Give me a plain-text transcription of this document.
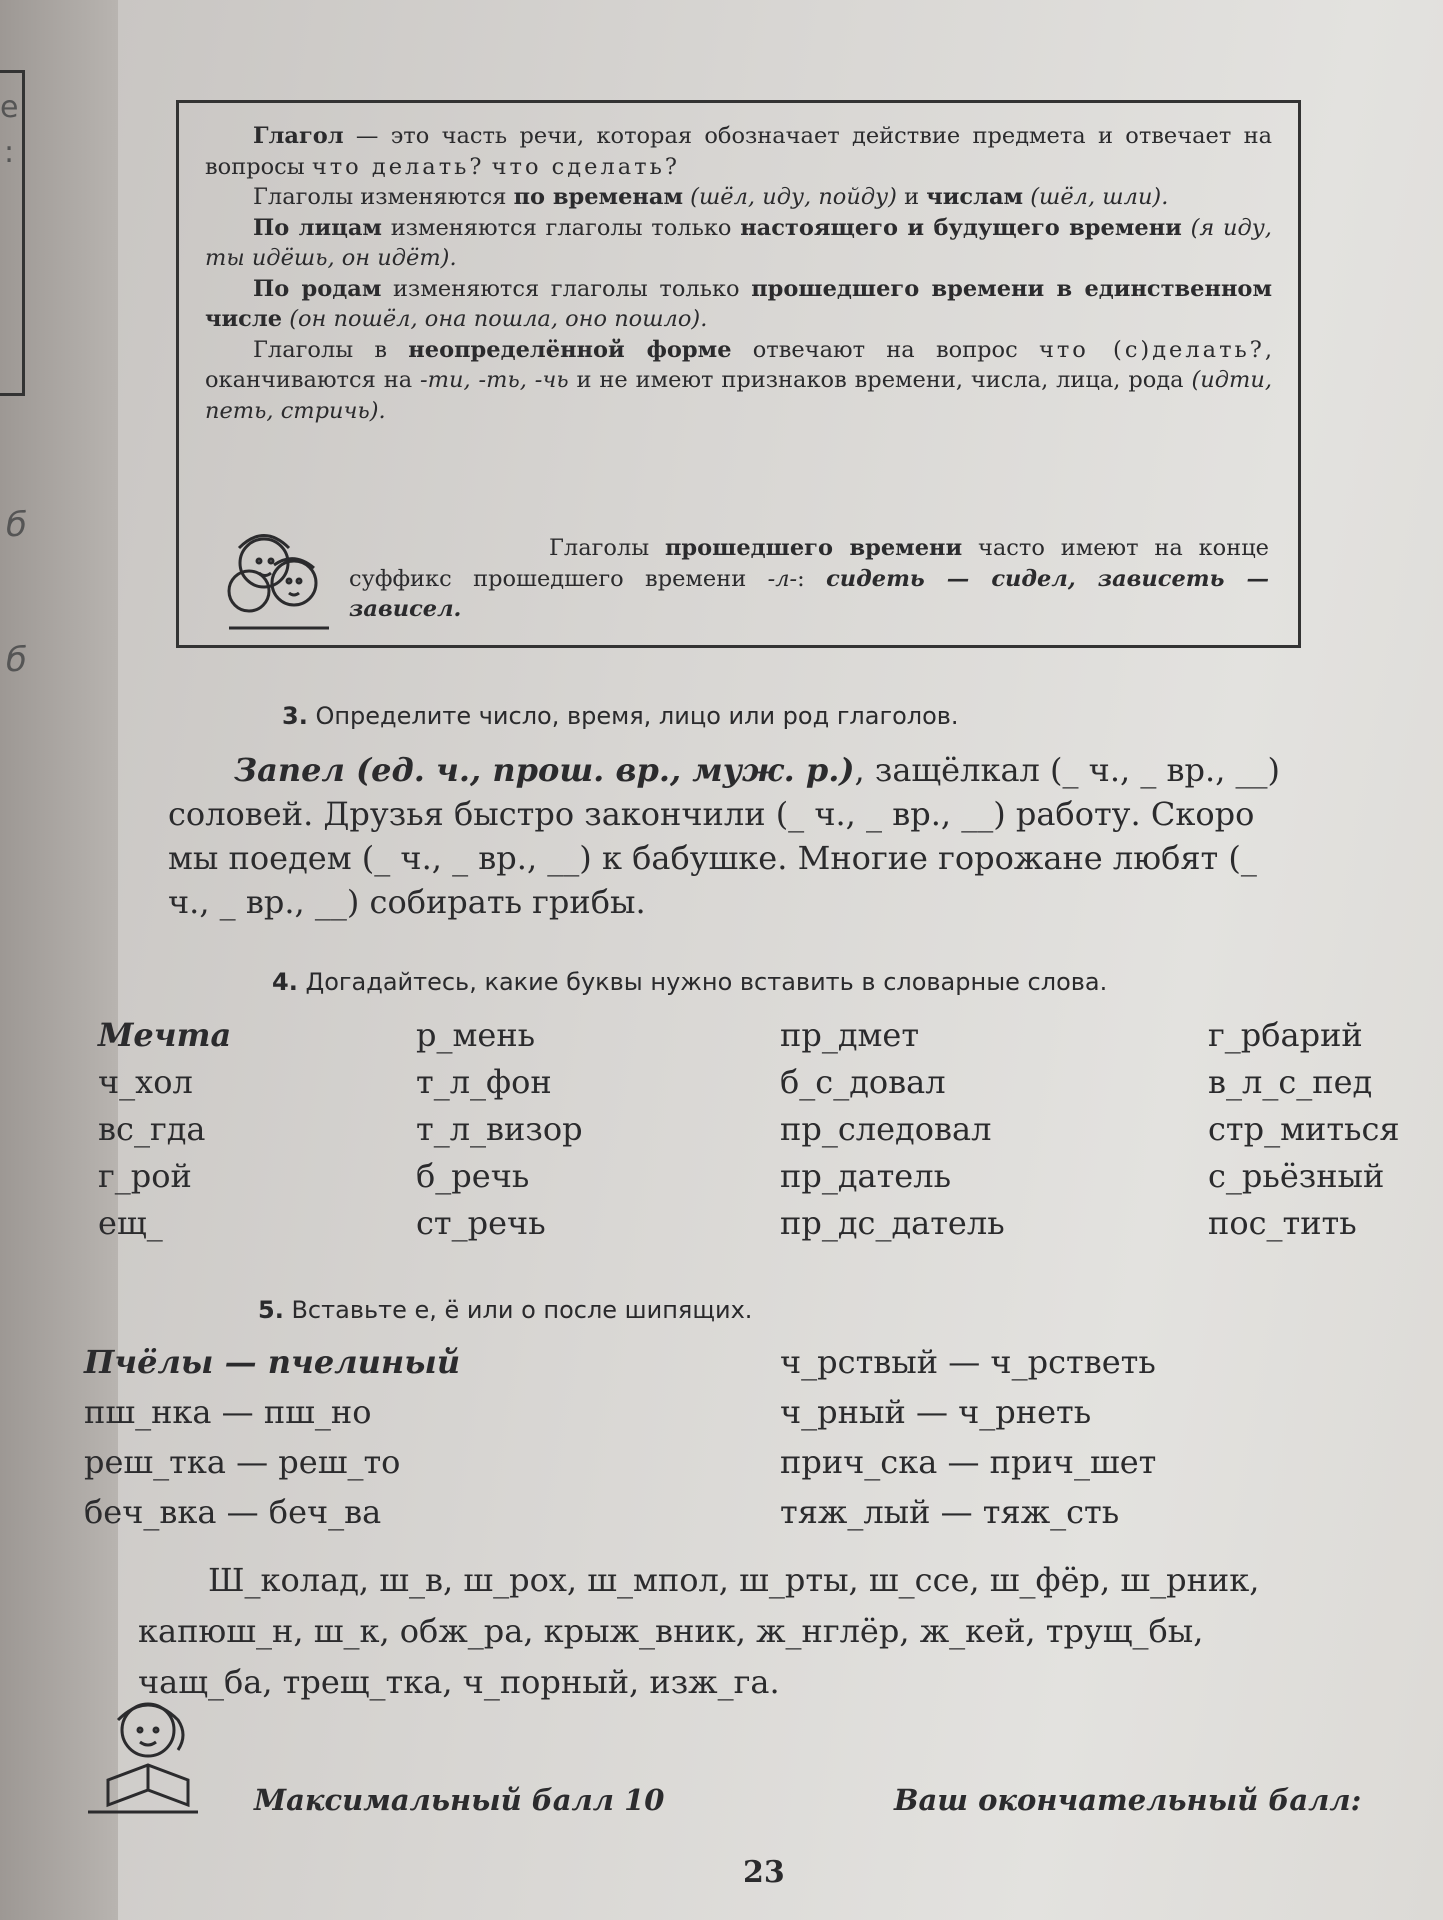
е
:
б
б

Глагол — это часть речи, которая обозначает действие предмета и отвечает на вопросы что делать? что сделать?

Глаголы изменяются по временам (шёл, иду, пойду) и числам (шёл, шли).

По лицам изменяются глаголы только настоящего и будущего времени (я иду, ты идёшь, он идёт).

По родам изменяются глаголы только прошедшего времени в единственном числе (он пошёл, она пошла, оно пошло).

Глаголы в неопределённой форме отвечают на вопрос что (с)делать?, оканчиваются на -ти, -ть, -чь и не имеют признаков времени, числа, лица, рода (идти, петь, стричь).

Глаголы прошедшего времени часто имеют на конце суффикс прошедшего времени -л-: сидеть — сидел, зависеть — зависел.

3. Определите число, время, лицо или род глаголов.

Запел (ед. ч., прош. вр., муж. р.), защёлкал (_ ч., _ вр., __) соловей. Друзья быстро закончили (_ ч., _ вр., __) работу. Скоро мы поедем (_ ч., _ вр., __) к бабушке. Многие горожане любят (_ ч., _ вр., __) собирать грибы.

4. Догадайтесь, какие буквы нужно вставить в словарные слова.
Мечта
ч_хол
вс_гда
г_рой
ещ_
р_мень
т_л_фон
т_л_визор
б_речь
ст_речь
пр_дмет
б_с_довал
пр_следовал
пр_датель
пр_дс_датель
г_рбарий
в_л_с_пед
стр_миться
с_рьёзный
пос_тить
5. Вставьте е, ё или о после шипящих.
Пчёлы — пчелиный
пш_нка — пш_но
реш_тка — реш_то
беч_вка — беч_ва
ч_рствый — ч_рстветь
ч_рный — ч_рнеть
прич_ска — прич_шет
тяж_лый — тяж_сть

Ш_колад, ш_в, ш_рох, ш_мпол, ш_рты, ш_ссе, ш_фёр, ш_рник, капюш_н, ш_к, обж_ра, крыж_вник, ж_нглёр, ж_кей, трущ_бы, чащ_ба, трещ_тка, ч_порный, изж_га.

Максимальный балл 10	Ваш окончательный балл:
23
